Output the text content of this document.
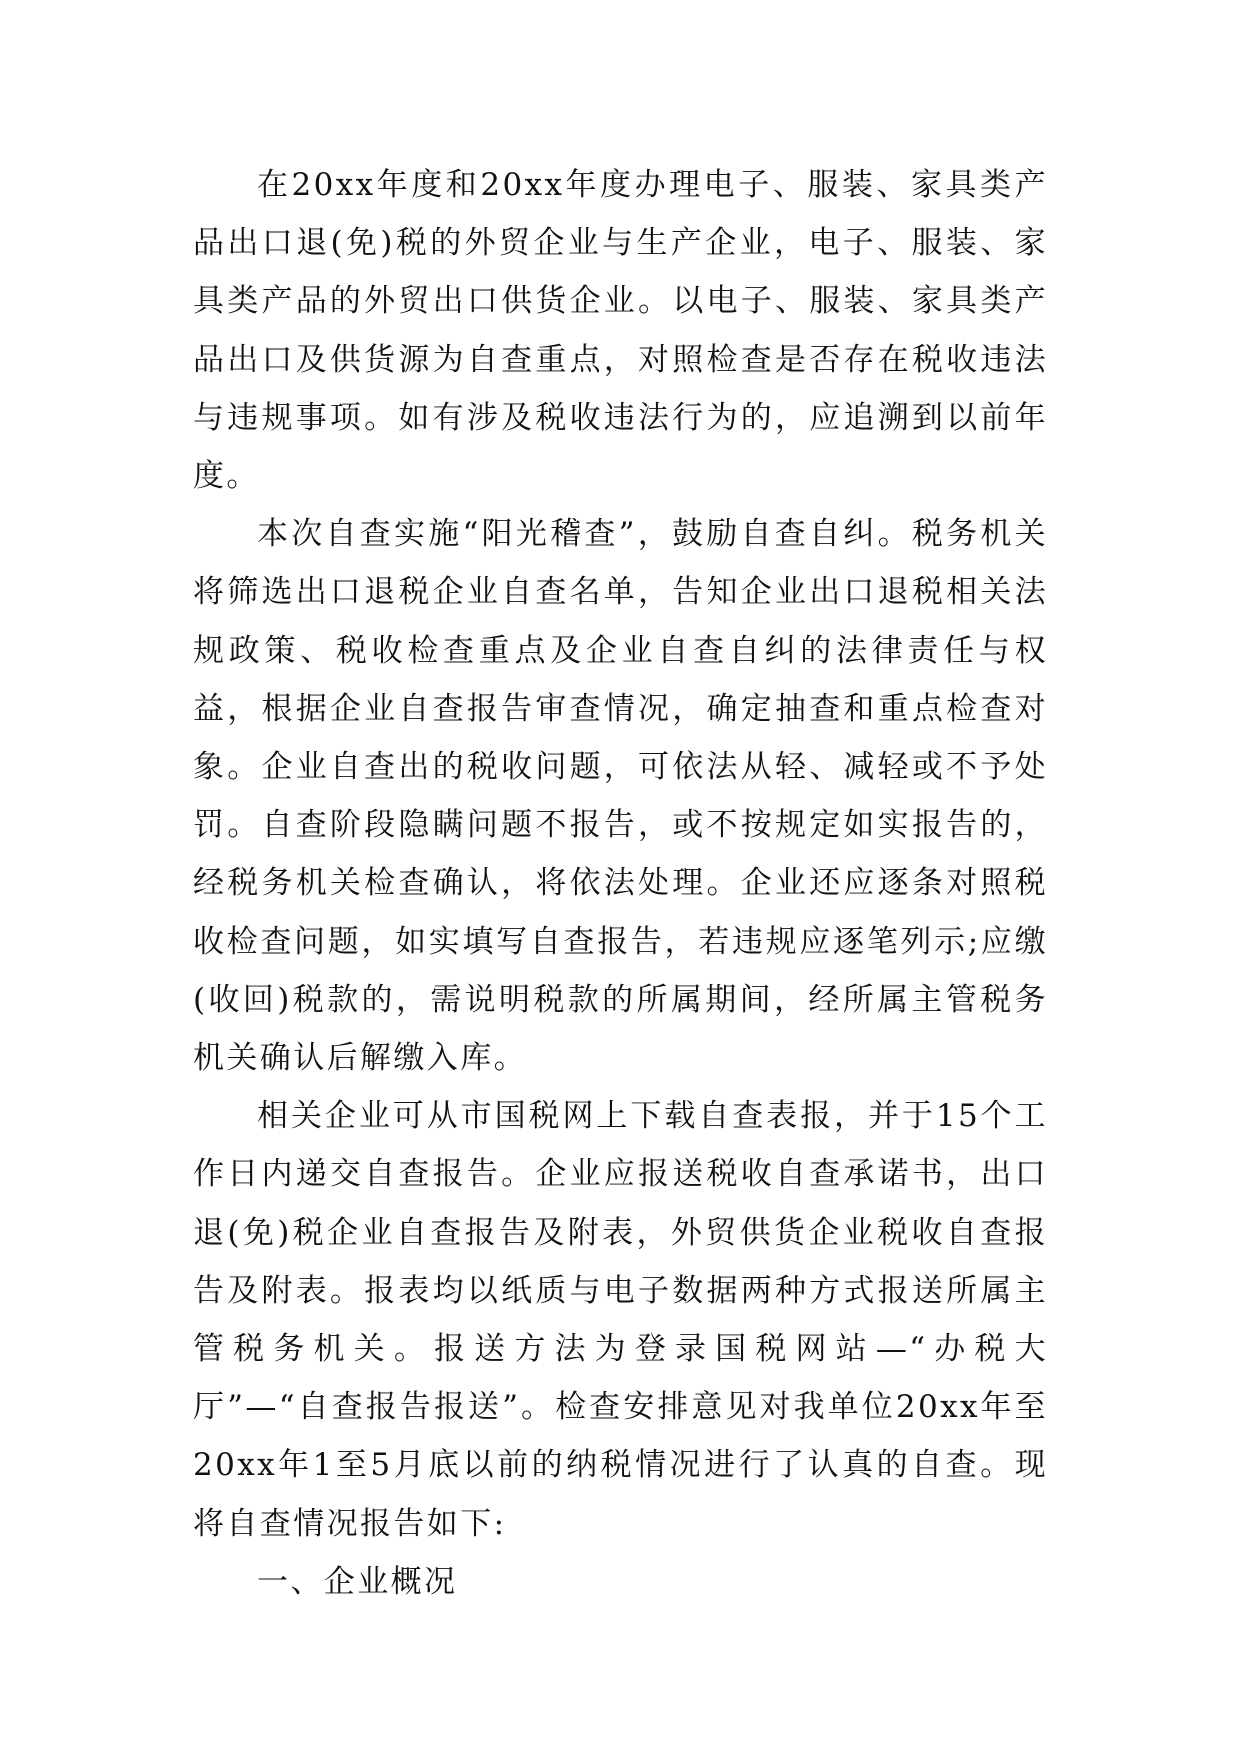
在20xx年度和20xx年度办理电子、服装、家具类产品出口退(免)税的外贸企业与生产企业，电子、服装、家具类产品的外贸出口供货企业。以电子、服装、家具类产品出口及供货源为自查重点，对照检查是否存在税收违法与违规事项。如有涉及税收违法行为的，应追溯到以前年度。

本次自查实施“阳光稽查”，鼓励自查自纠。税务机关将筛选出口退税企业自查名单，告知企业出口退税相关法规政策、税收检查重点及企业自查自纠的法律责任与权益，根据企业自查报告审查情况，确定抽查和重点检查对象。企业自查出的税收问题，可依法从轻、减轻或不予处罚。自查阶段隐瞒问题不报告，或不按规定如实报告的，经税务机关检查确认，将依法处理。企业还应逐条对照税收检查问题，如实填写自查报告，若违规应逐笔列示;应缴(收回)税款的，需说明税款的所属期间，经所属主管税务机关确认后解缴入库。

相关企业可从市国税网上下载自查表报，并于15个工作日内递交自查报告。企业应报送税收自查承诺书，出口退(免)税企业自查报告及附表，外贸供货企业税收自查报告及附表。报表均以纸质与电子数据两种方式报送所属主管税务机关。报送方法为登录国税网站—“办税大厅”—“自查报告报送”。检查安排意见对我单位20xx年至20xx年1至5月底以前的纳税情况进行了认真的自查。现将自查情况报告如下:

一、企业概况
